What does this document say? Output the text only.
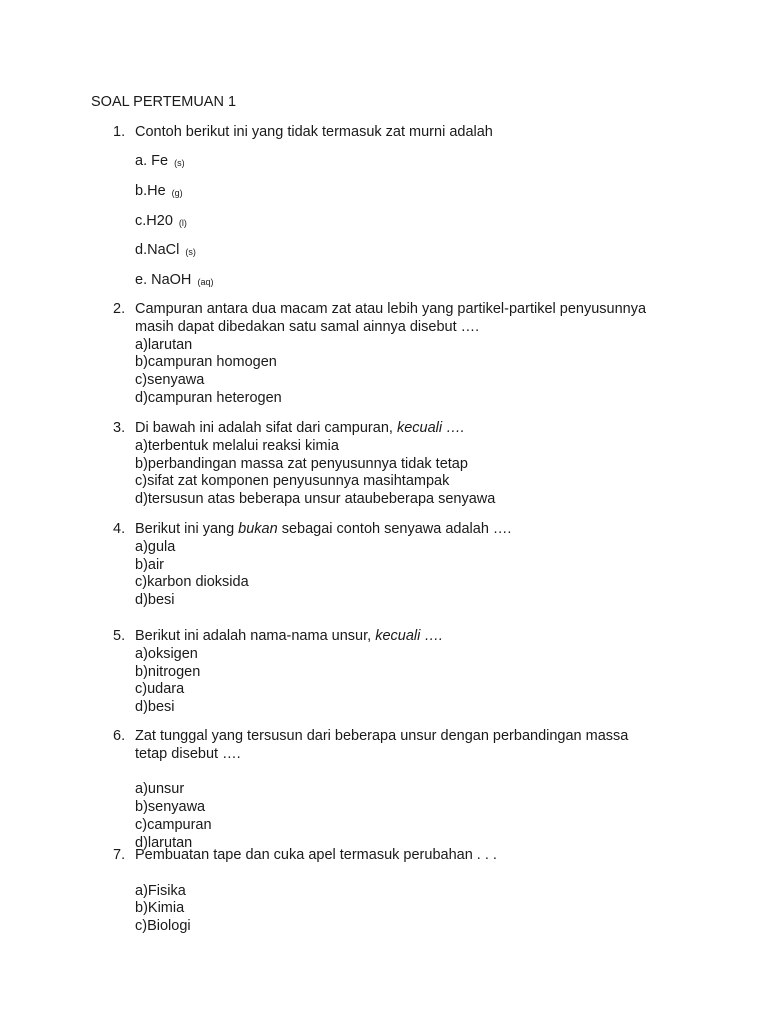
SOAL PERTEMUAN 1
1. Contoh berikut ini yang tidak termasuk zat murni adalah
a. Fe $_{(s)}$
b.He $_{(g)}$
c.H20 $_{(l)}$
d.NaCl $_{(s)}$
e. NaOH $_{(aq)}$
2. Campuran antara dua macam zat atau lebih yang partikel-partikel penyusunnya
masih dapat dibedakan satu samal ainnya disebut ….
a)larutan
b)campuran homogen
c)senyawa
d)campuran heterogen
3. Di bawah ini adalah sifat dari campuran, kecuali ….
a)terbentuk melalui reaksi kimia
b)perbandingan massa zat penyusunnya tidak tetap
c)sifat zat komponen penyusunnya masihtampak
d)tersusun atas beberapa unsur ataubeberapa senyawa
4. Berikut ini yang bukan sebagai contoh senyawa adalah ….
a)gula
b)air
c)karbon dioksida
d)besi
5. Berikut ini adalah nama-nama unsur, kecuali ….
a)oksigen
b)nitrogen
c)udara
d)besi
6. Zat tunggal yang tersusun dari beberapa unsur dengan perbandingan massa
tetap disebut ….
a)unsur
b)senyawa
c)campuran
d)larutan
7. Pembuatan tape dan cuka apel termasuk perubahan . . .
a)Fisika
b)Kimia
c)Biologi
